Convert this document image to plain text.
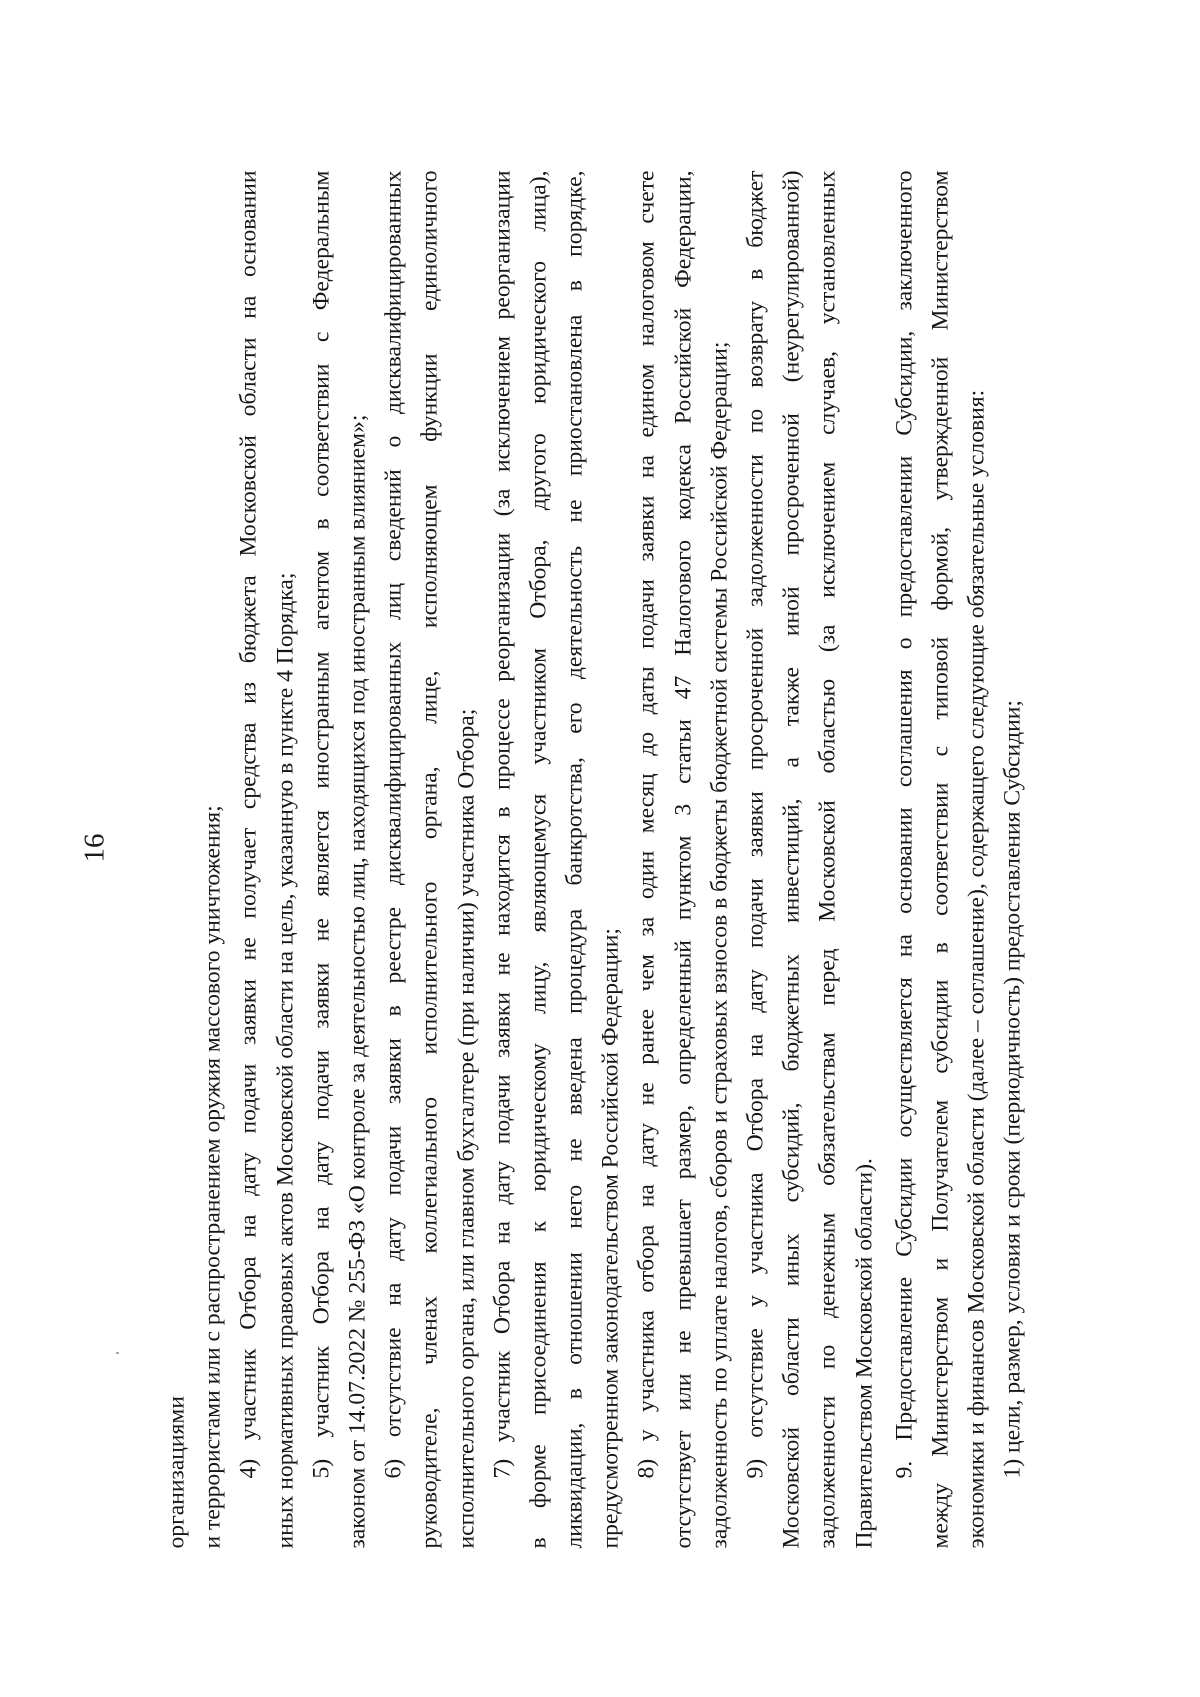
16
организациями и террористами или с распространением оружия массового уничтожения; 4) участник Отбора на дату подачи заявки не получает средства из бюджета Московской области на основании иных нормативных правовых актов Московской области на цель, указанную в пункте 4 Порядка; 5) участник Отбора на дату подачи заявки не является иностранным агентом в соответствии с Федеральным законом от 14.07.2022 № 255-ФЗ «О контроле за деятельностью лиц, находящихся под иностранным влиянием»; 6) отсутствие на дату подачи заявки в реестре дисквалифицированных лиц сведений о дисквалифицированных руководителе, членах коллегиального исполнительного органа, лице, исполняющем функции единоличного исполнительного органа, или главном бухгалтере (при наличии) участника Отбора; 7) участник Отбора на дату подачи заявки не находится в процессе реорганизации (за исключением реорганизации в форме присоединения к юридическому лицу, являющемуся участником Отбора, другого юридического лица), ликвидации, в отношении него не введена процедура банкротства, его деятельность не приостановлена в порядке, предусмотренном законодательством Российской Федерации; 8) у участника отбора на дату не ранее чем за один месяц до даты подачи заявки на едином налоговом счете отсутствует или не превышает размер, определенный пунктом 3 статьи 47 Налогового кодекса Российской Федерации, задолженность по уплате налогов, сборов и страховых взносов в бюджеты бюджетной системы Российской Федерации; 9) отсутствие у участника Отбора на дату подачи заявки просроченной задолженности по возврату в бюджет Московской области иных субсидий, бюджетных инвестиций, а также иной просроченной (неурегулированной) задолженности по денежным обязательствам перед Московской областью (за исключением случаев, установленных Правительством Московской области). 9. Предоставление Субсидии осуществляется на основании соглашения о предоставлении Субсидии, заключенного между Министерством и Получателем субсидии в соответствии с типовой формой, утвержденной Министерством экономики и финансов Московской области (далее – соглашение), содержащего следующие обязательные условия: 1) цели, размер, условия и сроки (периодичность) предоставления Субсидии;
